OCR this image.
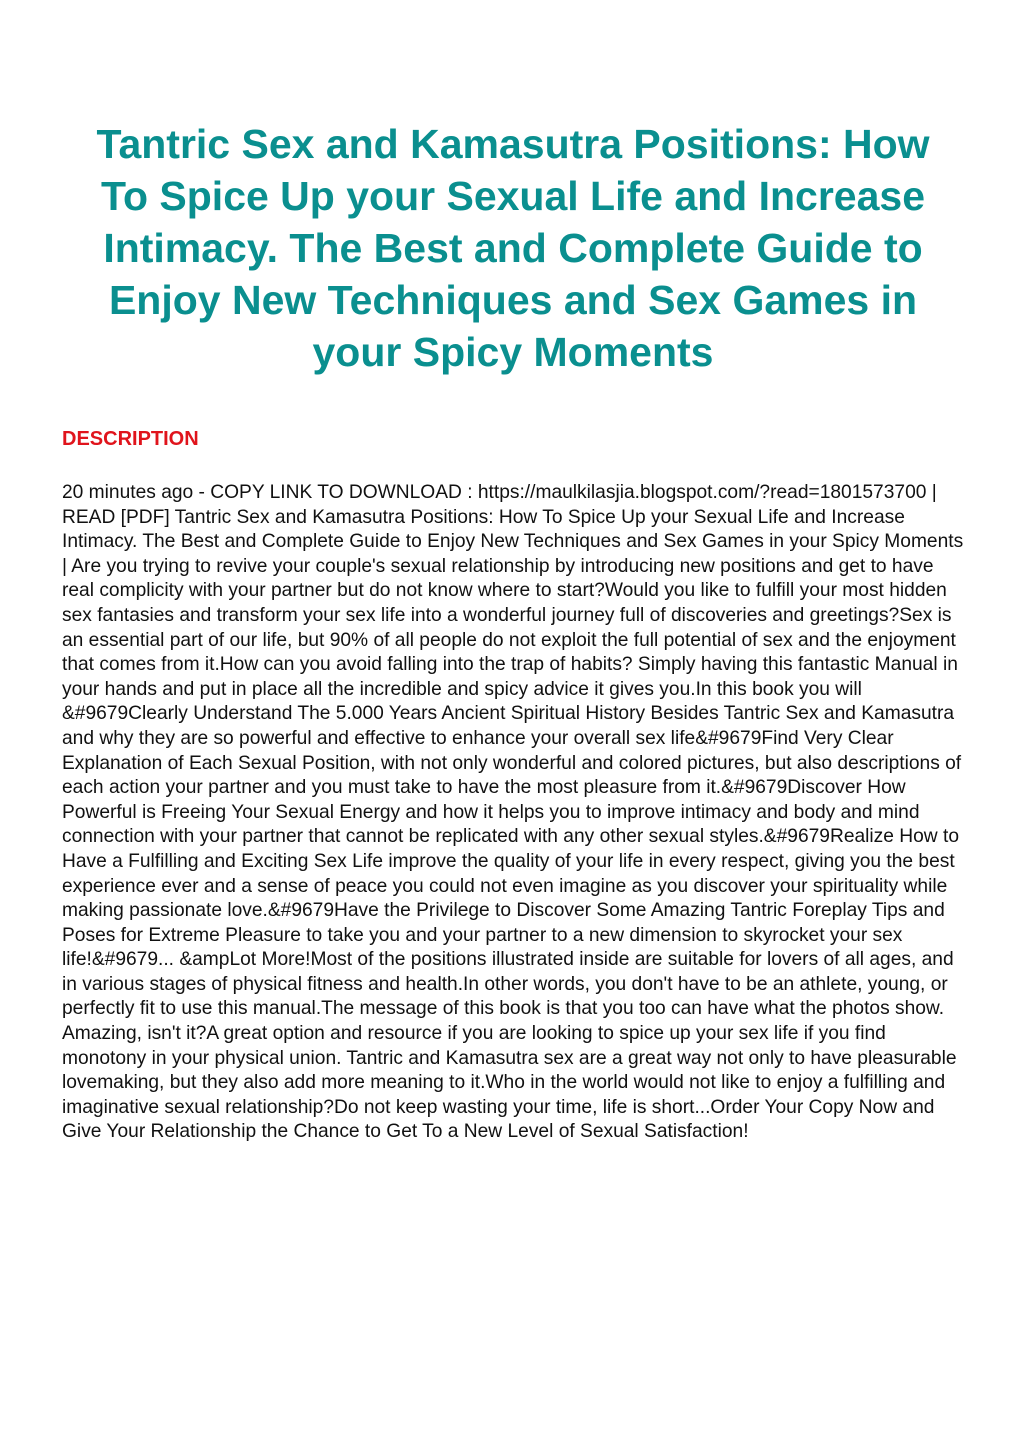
Tantric Sex and Kamasutra Positions: How To Spice Up your Sexual Life and Increase Intimacy. The Best and Complete Guide to Enjoy New Techniques and Sex Games in your Spicy Moments
DESCRIPTION
20 minutes ago - COPY LINK TO DOWNLOAD : https://maulkilasjia.blogspot.com/?read=1801573700 | READ [PDF] Tantric Sex and Kamasutra Positions: How To Spice Up your Sexual Life and Increase Intimacy. The Best and Complete Guide to Enjoy New Techniques and Sex Games in your Spicy Moments | Are you trying to revive your couple's sexual relationship by introducing new positions and get to have real complicity with your partner but do not know where to start?Would you like to fulfill your most hidden sex fantasies and transform your sex life into a wonderful journey full of discoveries and greetings?Sex is an essential part of our life, but 90% of all people do not exploit the full potential of sex and the enjoyment that comes from it.How can you avoid falling into the trap of habits? Simply having this fantastic Manual in your hands and put in place all the incredible and spicy advice it gives you.In this book you will &#9679Clearly Understand The 5.000 Years Ancient Spiritual History Besides Tantric Sex and Kamasutra and why they are so powerful and effective to enhance your overall sex life&#9679Find Very Clear Explanation of Each Sexual Position, with not only wonderful and colored pictures, but also descriptions of each action your partner and you must take to have the most pleasure from it.&#9679Discover How Powerful is Freeing Your Sexual Energy and how it helps you to improve intimacy and body and mind connection with your partner that cannot be replicated with any other sexual styles.&#9679Realize How to Have a Fulfilling and Exciting Sex Life improve the quality of your life in every respect, giving you the best experience ever and a sense of peace you could not even imagine as you discover your spirituality while making passionate love.&#9679Have the Privilege to Discover Some Amazing Tantric Foreplay Tips and Poses for Extreme Pleasure to take you and your partner to a new dimension to skyrocket your sex life!&#9679... &ampLot More!Most of the positions illustrated inside are suitable for lovers of all ages, and in various stages of physical fitness and health.In other words, you don't have to be an athlete, young, or perfectly fit to use this manual.The message of this book is that you too can have what the photos show. Amazing, isn't it?A great option and resource if you are looking to spice up your sex life if you find monotony in your physical union. Tantric and Kamasutra sex are a great way not only to have pleasurable lovemaking, but they also add more meaning to it.Who in the world would not like to enjoy a fulfilling and imaginative sexual relationship?Do not keep wasting your time, life is short...Order Your Copy Now and Give Your Relationship the Chance to Get To a New Level of Sexual Satisfaction!
